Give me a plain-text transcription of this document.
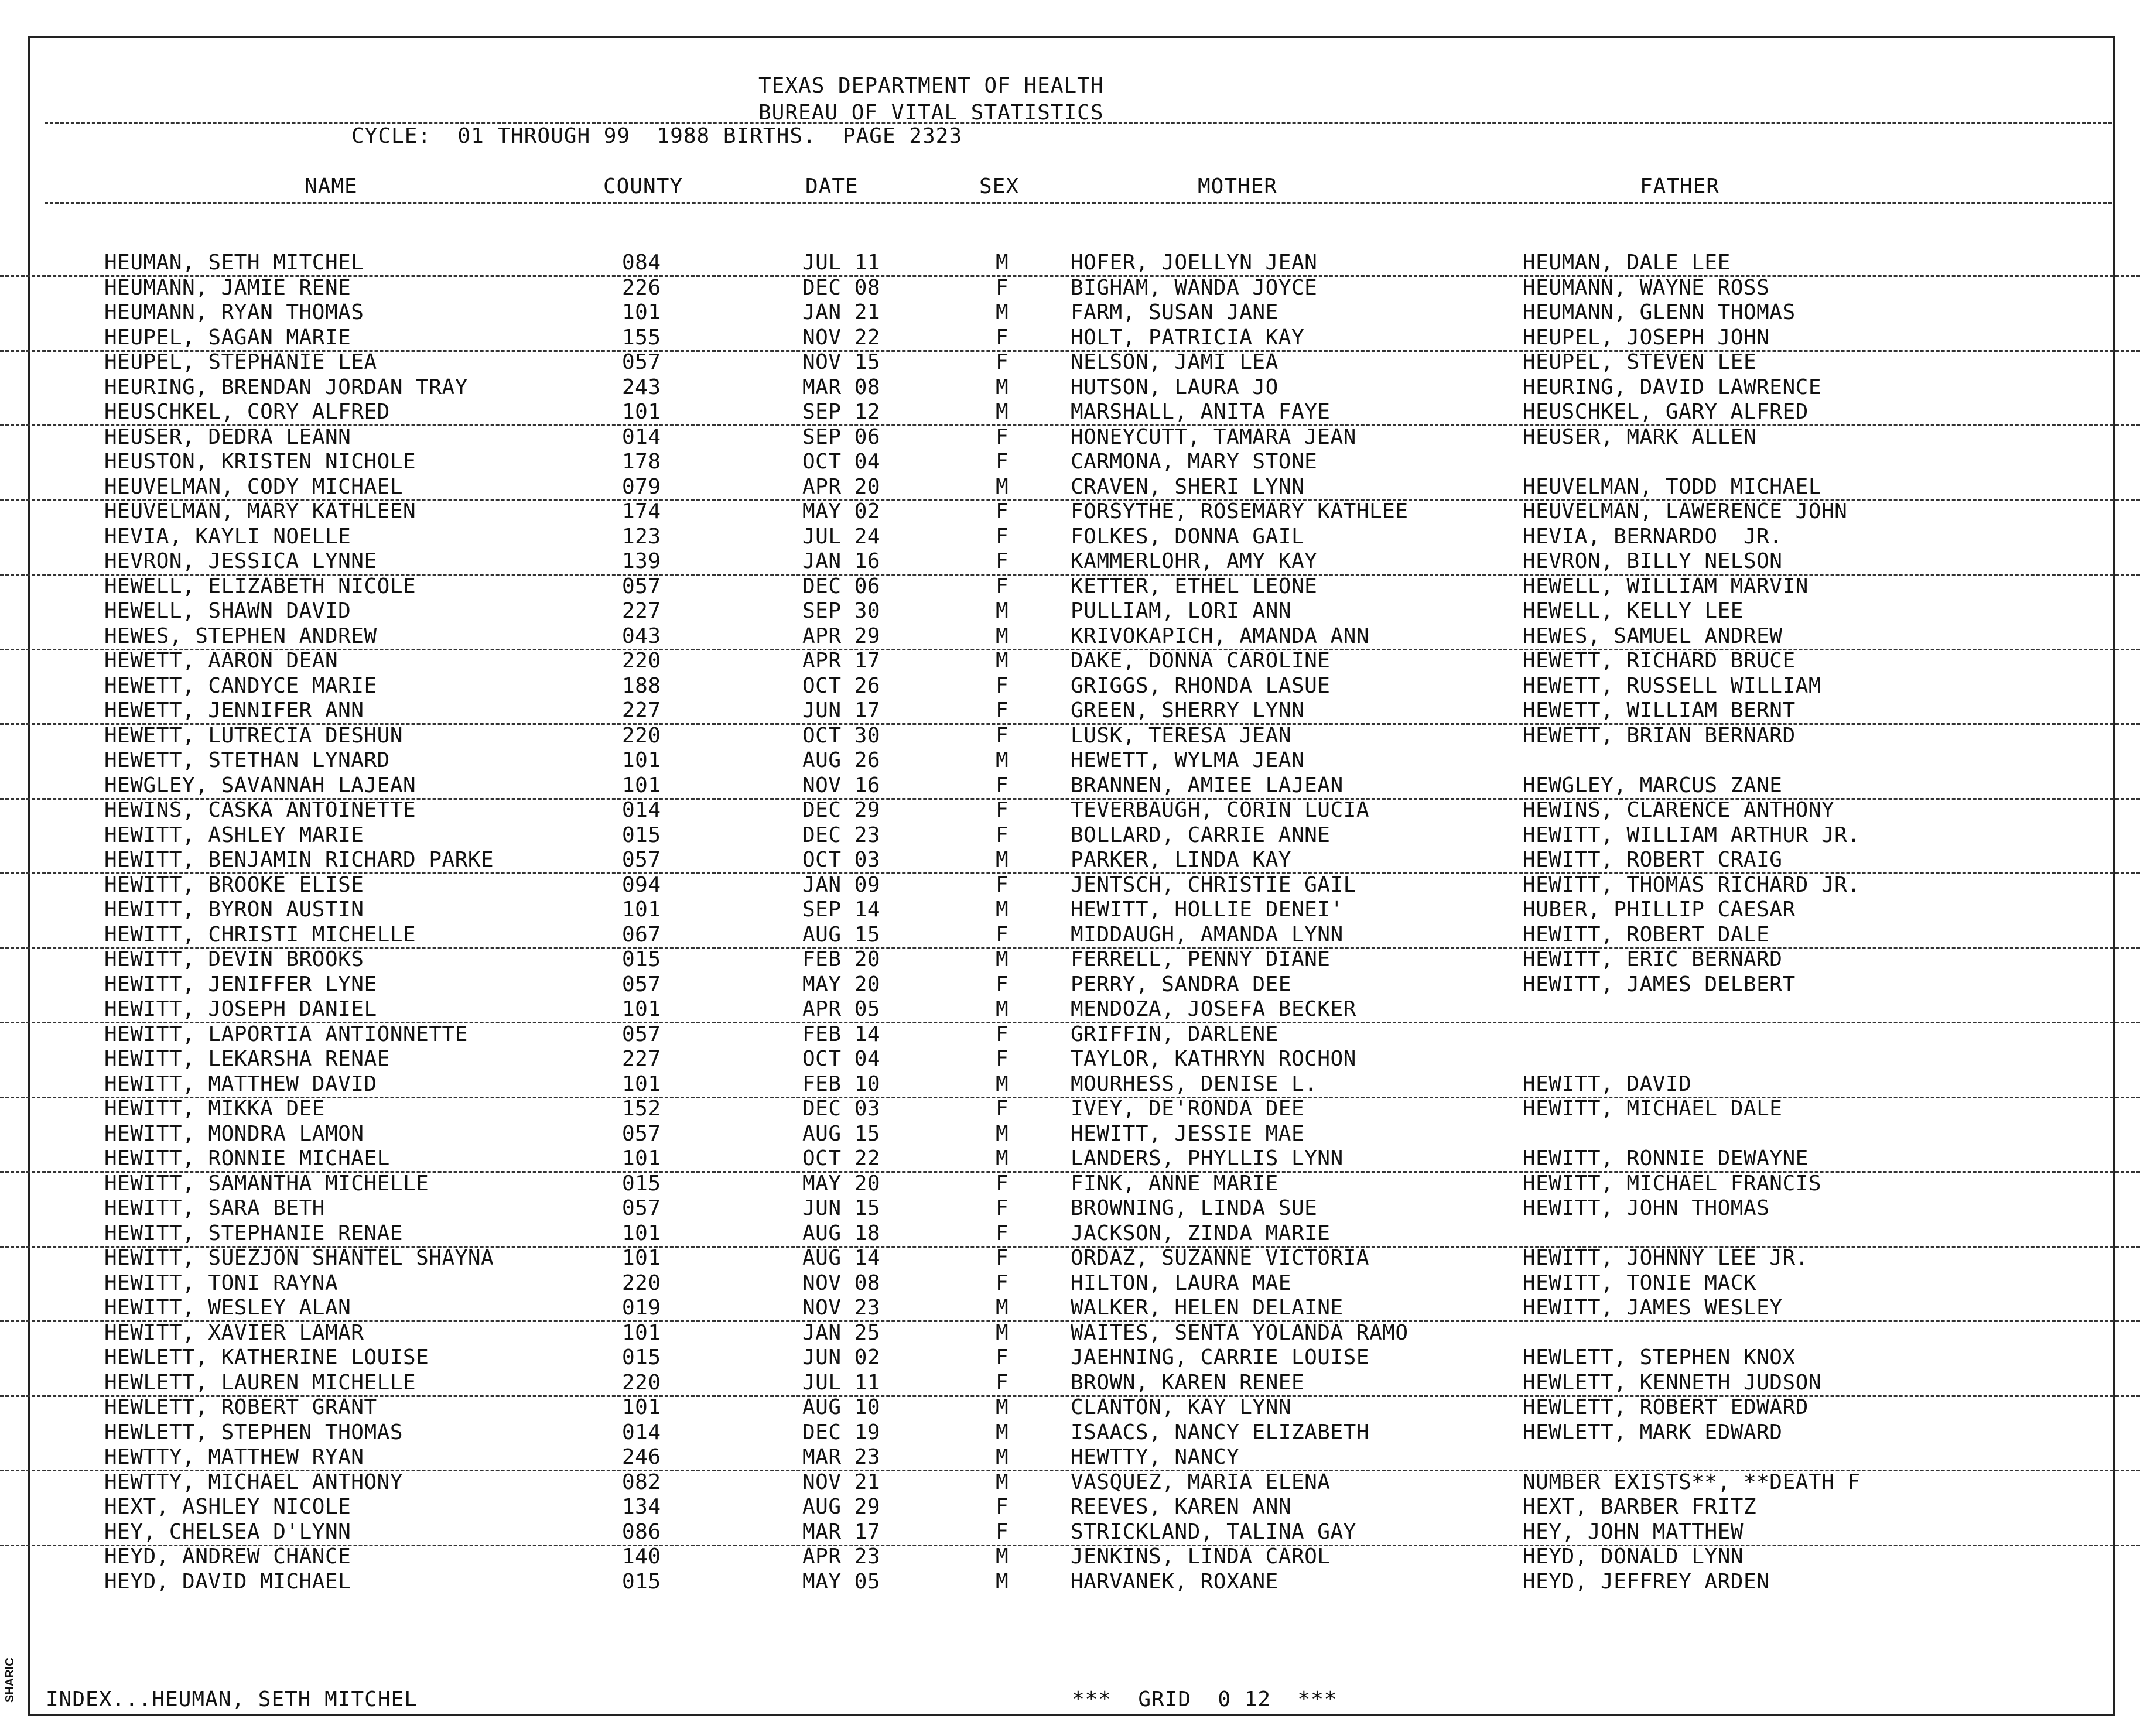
SHARIC
TEXAS DEPARTMENT OF HEALTH
BUREAU OF VITAL STATISTICS
CYCLE:  01 THROUGH 99  1988 BIRTHS.  PAGE 2323
NAME	COUNTY	DATE	SEX	MOTHER	FATHER
HEUMAN, SETH MITCHEL	084	JUL 11	M	HOFER, JOELLYN JEAN	HEUMAN, DALE LEE
HEUMANN, JAMIE RENE	226	DEC 08	F	BIGHAM, WANDA JOYCE	HEUMANN, WAYNE ROSS
HEUMANN, RYAN THOMAS	101	JAN 21	M	FARM, SUSAN JANE	HEUMANN, GLENN THOMAS
HEUPEL, SAGAN MARIE	155	NOV 22	F	HOLT, PATRICIA KAY	HEUPEL, JOSEPH JOHN
HEUPEL, STEPHANIE LEA	057	NOV 15	F	NELSON, JAMI LEA	HEUPEL, STEVEN LEE
HEURING, BRENDAN JORDAN TRAY	243	MAR 08	M	HUTSON, LAURA JO	HEURING, DAVID LAWRENCE
HEUSCHKEL, CORY ALFRED	101	SEP 12	M	MARSHALL, ANITA FAYE	HEUSCHKEL, GARY ALFRED
HEUSER, DEDRA LEANN	014	SEP 06	F	HONEYCUTT, TAMARA JEAN	HEUSER, MARK ALLEN
HEUSTON, KRISTEN NICHOLE	178	OCT 04	F	CARMONA, MARY STONE
HEUVELMAN, CODY MICHAEL	079	APR 20	M	CRAVEN, SHERI LYNN	HEUVELMAN, TODD MICHAEL
HEUVELMAN, MARY KATHLEEN	174	MAY 02	F	FORSYTHE, ROSEMARY KATHLEE	HEUVELMAN, LAWERENCE JOHN
HEVIA, KAYLI NOELLE	123	JUL 24	F	FOLKES, DONNA GAIL	HEVIA, BERNARDO  JR.
HEVRON, JESSICA LYNNE	139	JAN 16	F	KAMMERLOHR, AMY KAY	HEVRON, BILLY NELSON
HEWELL, ELIZABETH NICOLE	057	DEC 06	F	KETTER, ETHEL LEONE	HEWELL, WILLIAM MARVIN
HEWELL, SHAWN DAVID	227	SEP 30	M	PULLIAM, LORI ANN	HEWELL, KELLY LEE
HEWES, STEPHEN ANDREW	043	APR 29	M	KRIVOKAPICH, AMANDA ANN	HEWES, SAMUEL ANDREW
HEWETT, AARON DEAN	220	APR 17	M	DAKE, DONNA CAROLINE	HEWETT, RICHARD BRUCE
HEWETT, CANDYCE MARIE	188	OCT 26	F	GRIGGS, RHONDA LASUE	HEWETT, RUSSELL WILLIAM
HEWETT, JENNIFER ANN	227	JUN 17	F	GREEN, SHERRY LYNN	HEWETT, WILLIAM BERNT
HEWETT, LUTRECIA DESHUN	220	OCT 30	F	LUSK, TERESA JEAN	HEWETT, BRIAN BERNARD
HEWETT, STETHAN LYNARD	101	AUG 26	M	HEWETT, WYLMA JEAN
HEWGLEY, SAVANNAH LAJEAN	101	NOV 16	F	BRANNEN, AMIEE LAJEAN	HEWGLEY, MARCUS ZANE
HEWINS, CASKA ANTOINETTE	014	DEC 29	F	TEVERBAUGH, CORIN LUCIA	HEWINS, CLARENCE ANTHONY
HEWITT, ASHLEY MARIE	015	DEC 23	F	BOLLARD, CARRIE ANNE	HEWITT, WILLIAM ARTHUR JR.
HEWITT, BENJAMIN RICHARD PARKE	057	OCT 03	M	PARKER, LINDA KAY	HEWITT, ROBERT CRAIG
HEWITT, BROOKE ELISE	094	JAN 09	F	JENTSCH, CHRISTIE GAIL	HEWITT, THOMAS RICHARD JR.
HEWITT, BYRON AUSTIN	101	SEP 14	M	HEWITT, HOLLIE DENEI'	HUBER, PHILLIP CAESAR
HEWITT, CHRISTI MICHELLE	067	AUG 15	F	MIDDAUGH, AMANDA LYNN	HEWITT, ROBERT DALE
HEWITT, DEVIN BROOKS	015	FEB 20	M	FERRELL, PENNY DIANE	HEWITT, ERIC BERNARD
HEWITT, JENIFFER LYNE	057	MAY 20	F	PERRY, SANDRA DEE	HEWITT, JAMES DELBERT
HEWITT, JOSEPH DANIEL	101	APR 05	M	MENDOZA, JOSEFA BECKER
HEWITT, LAPORTIA ANTIONNETTE	057	FEB 14	F	GRIFFIN, DARLENE
HEWITT, LEKARSHA RENAE	227	OCT 04	F	TAYLOR, KATHRYN ROCHON
HEWITT, MATTHEW DAVID	101	FEB 10	M	MOURHESS, DENISE L.	HEWITT, DAVID
HEWITT, MIKKA DEE	152	DEC 03	F	IVEY, DE'RONDA DEE	HEWITT, MICHAEL DALE
HEWITT, MONDRA LAMON	057	AUG 15	M	HEWITT, JESSIE MAE
HEWITT, RONNIE MICHAEL	101	OCT 22	M	LANDERS, PHYLLIS LYNN	HEWITT, RONNIE DEWAYNE
HEWITT, SAMANTHA MICHELLE	015	MAY 20	F	FINK, ANNE MARIE	HEWITT, MICHAEL FRANCIS
HEWITT, SARA BETH	057	JUN 15	F	BROWNING, LINDA SUE	HEWITT, JOHN THOMAS
HEWITT, STEPHANIE RENAE	101	AUG 18	F	JACKSON, ZINDA MARIE
HEWITT, SUEZJON SHANTEL SHAYNA	101	AUG 14	F	ORDAZ, SUZANNE VICTORIA	HEWITT, JOHNNY LEE JR.
HEWITT, TONI RAYNA	220	NOV 08	F	HILTON, LAURA MAE	HEWITT, TONIE MACK
HEWITT, WESLEY ALAN	019	NOV 23	M	WALKER, HELEN DELAINE	HEWITT, JAMES WESLEY
HEWITT, XAVIER LAMAR	101	JAN 25	M	WAITES, SENTA YOLANDA RAMO
HEWLETT, KATHERINE LOUISE	015	JUN 02	F	JAEHNING, CARRIE LOUISE	HEWLETT, STEPHEN KNOX
HEWLETT, LAUREN MICHELLE	220	JUL 11	F	BROWN, KAREN RENEE	HEWLETT, KENNETH JUDSON
HEWLETT, ROBERT GRANT	101	AUG 10	M	CLANTON, KAY LYNN	HEWLETT, ROBERT EDWARD
HEWLETT, STEPHEN THOMAS	014	DEC 19	M	ISAACS, NANCY ELIZABETH	HEWLETT, MARK EDWARD
HEWTTY, MATTHEW RYAN	246	MAR 23	M	HEWTTY, NANCY
HEWTTY, MICHAEL ANTHONY	082	NOV 21	M	VASQUEZ, MARIA ELENA	NUMBER EXISTS**, **DEATH F
HEXT, ASHLEY NICOLE	134	AUG 29	F	REEVES, KAREN ANN	HEXT, BARBER FRITZ
HEY, CHELSEA D'LYNN	086	MAR 17	F	STRICKLAND, TALINA GAY	HEY, JOHN MATTHEW
HEYD, ANDREW CHANCE	140	APR 23	M	JENKINS, LINDA CAROL	HEYD, DONALD LYNN
HEYD, DAVID MICHAEL	015	MAY 05	M	HARVANEK, ROXANE	HEYD, JEFFREY ARDEN
INDEX...HEUMAN, SETH MITCHEL	***  GRID  0 12  ***
